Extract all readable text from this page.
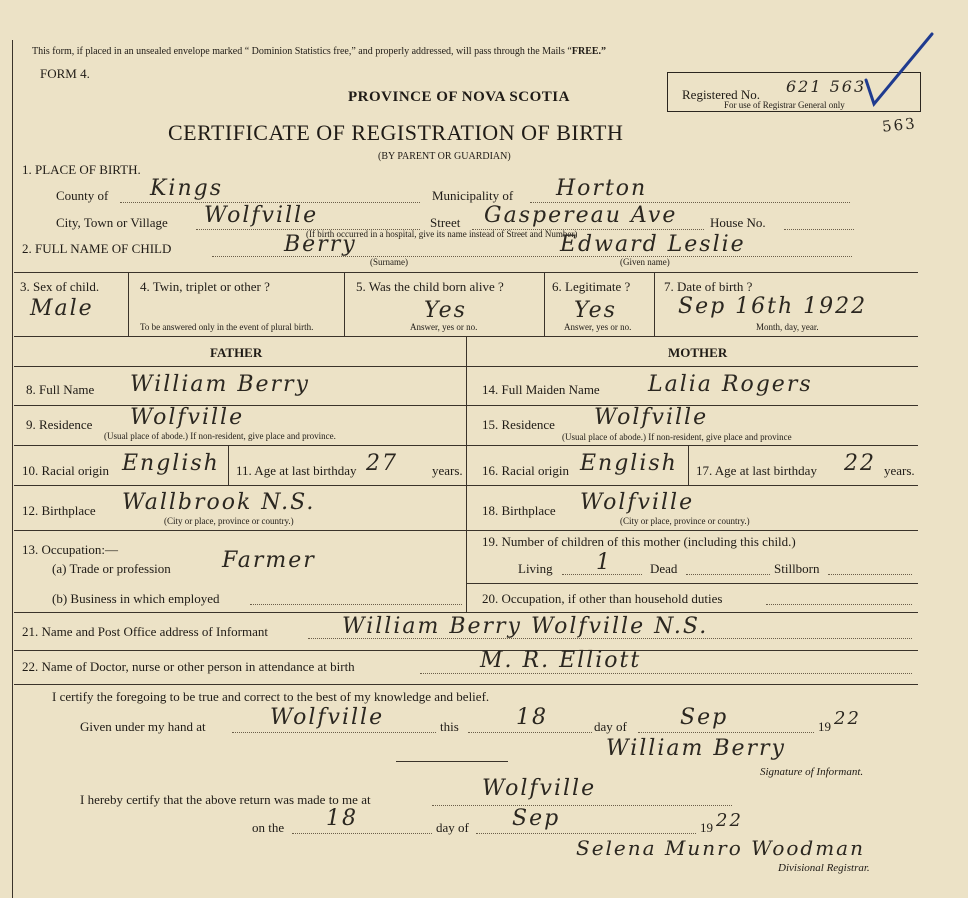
This form, if placed in an unsealed envelope marked “ Dominion Statistics free,” and properly addressed, will pass through the Mails “FREE.”
FORM 4.
PROVINCE OF NOVA SCOTIA
CERTIFICATE OF REGISTRATION OF BIRTH
(BY PARENT OR GUARDIAN)
Registered No. 621 563
For use of Registrar General only
563
1. PLACE OF BIRTH.
County of Kings	Municipality of Horton
City, Town or Village Wolfville	Street Gaspereau Ave	House No.
(If birth occurred in a hospital, give its name instead of Street and Number)
2. FULL NAME OF CHILD	Berry
(Surname)
Edward Leslie
(Given name)
3. Sex of child.
Male
4. Twin, triplet or other ?
To be answered only in the event of plural birth.
5. Was the child born alive ?
Yes
Answer, yes or no.
6. Legitimate ?
Yes
Answer, yes or no.
7. Date of birth ?
Sep 16th 1922
Month, day, year.
FATHER	MOTHER
8. Full Name William Berry
9. Residence Wolfville
(Usual place of abode.) If non-resident, give place and province.
10. Racial origin English 11. Age at last birthday 27	years.
12. Birthplace Wallbrook N.S.
(City or place, province or country.)
13. Occupation:—
(a) Trade or profession Farmer
(b) Business in which employed
14. Full Maiden Name Lalia Rogers
15. Residence Wolfville
(Usual place of abode.) If non-resident, give place and province
16. Racial origin English 17. Age at last birthday 22 years.
18. Birthplace Wolfville
(City or place, province or country.)
19. Number of children of this mother (including this child.)
Living 1	Dead	Stillborn
20. Occupation, if other than household duties
21. Name and Post Office address of Informant	William Berry Wolfville N.S.
22. Name of Doctor, nurse or other person in attendance at birth	M. R. Elliott
I certify the foregoing to be true and correct to the best of my knowledge and belief.
Given under my hand at	Wolfville	this	18	day of Sep	19 22
William Berry
Signature of Informant.
I hereby certify that the above return was made to me at	Wolfville
on the 18	day of Sep	19 22
Selena Munro Woodman
Divisional Registrar.
